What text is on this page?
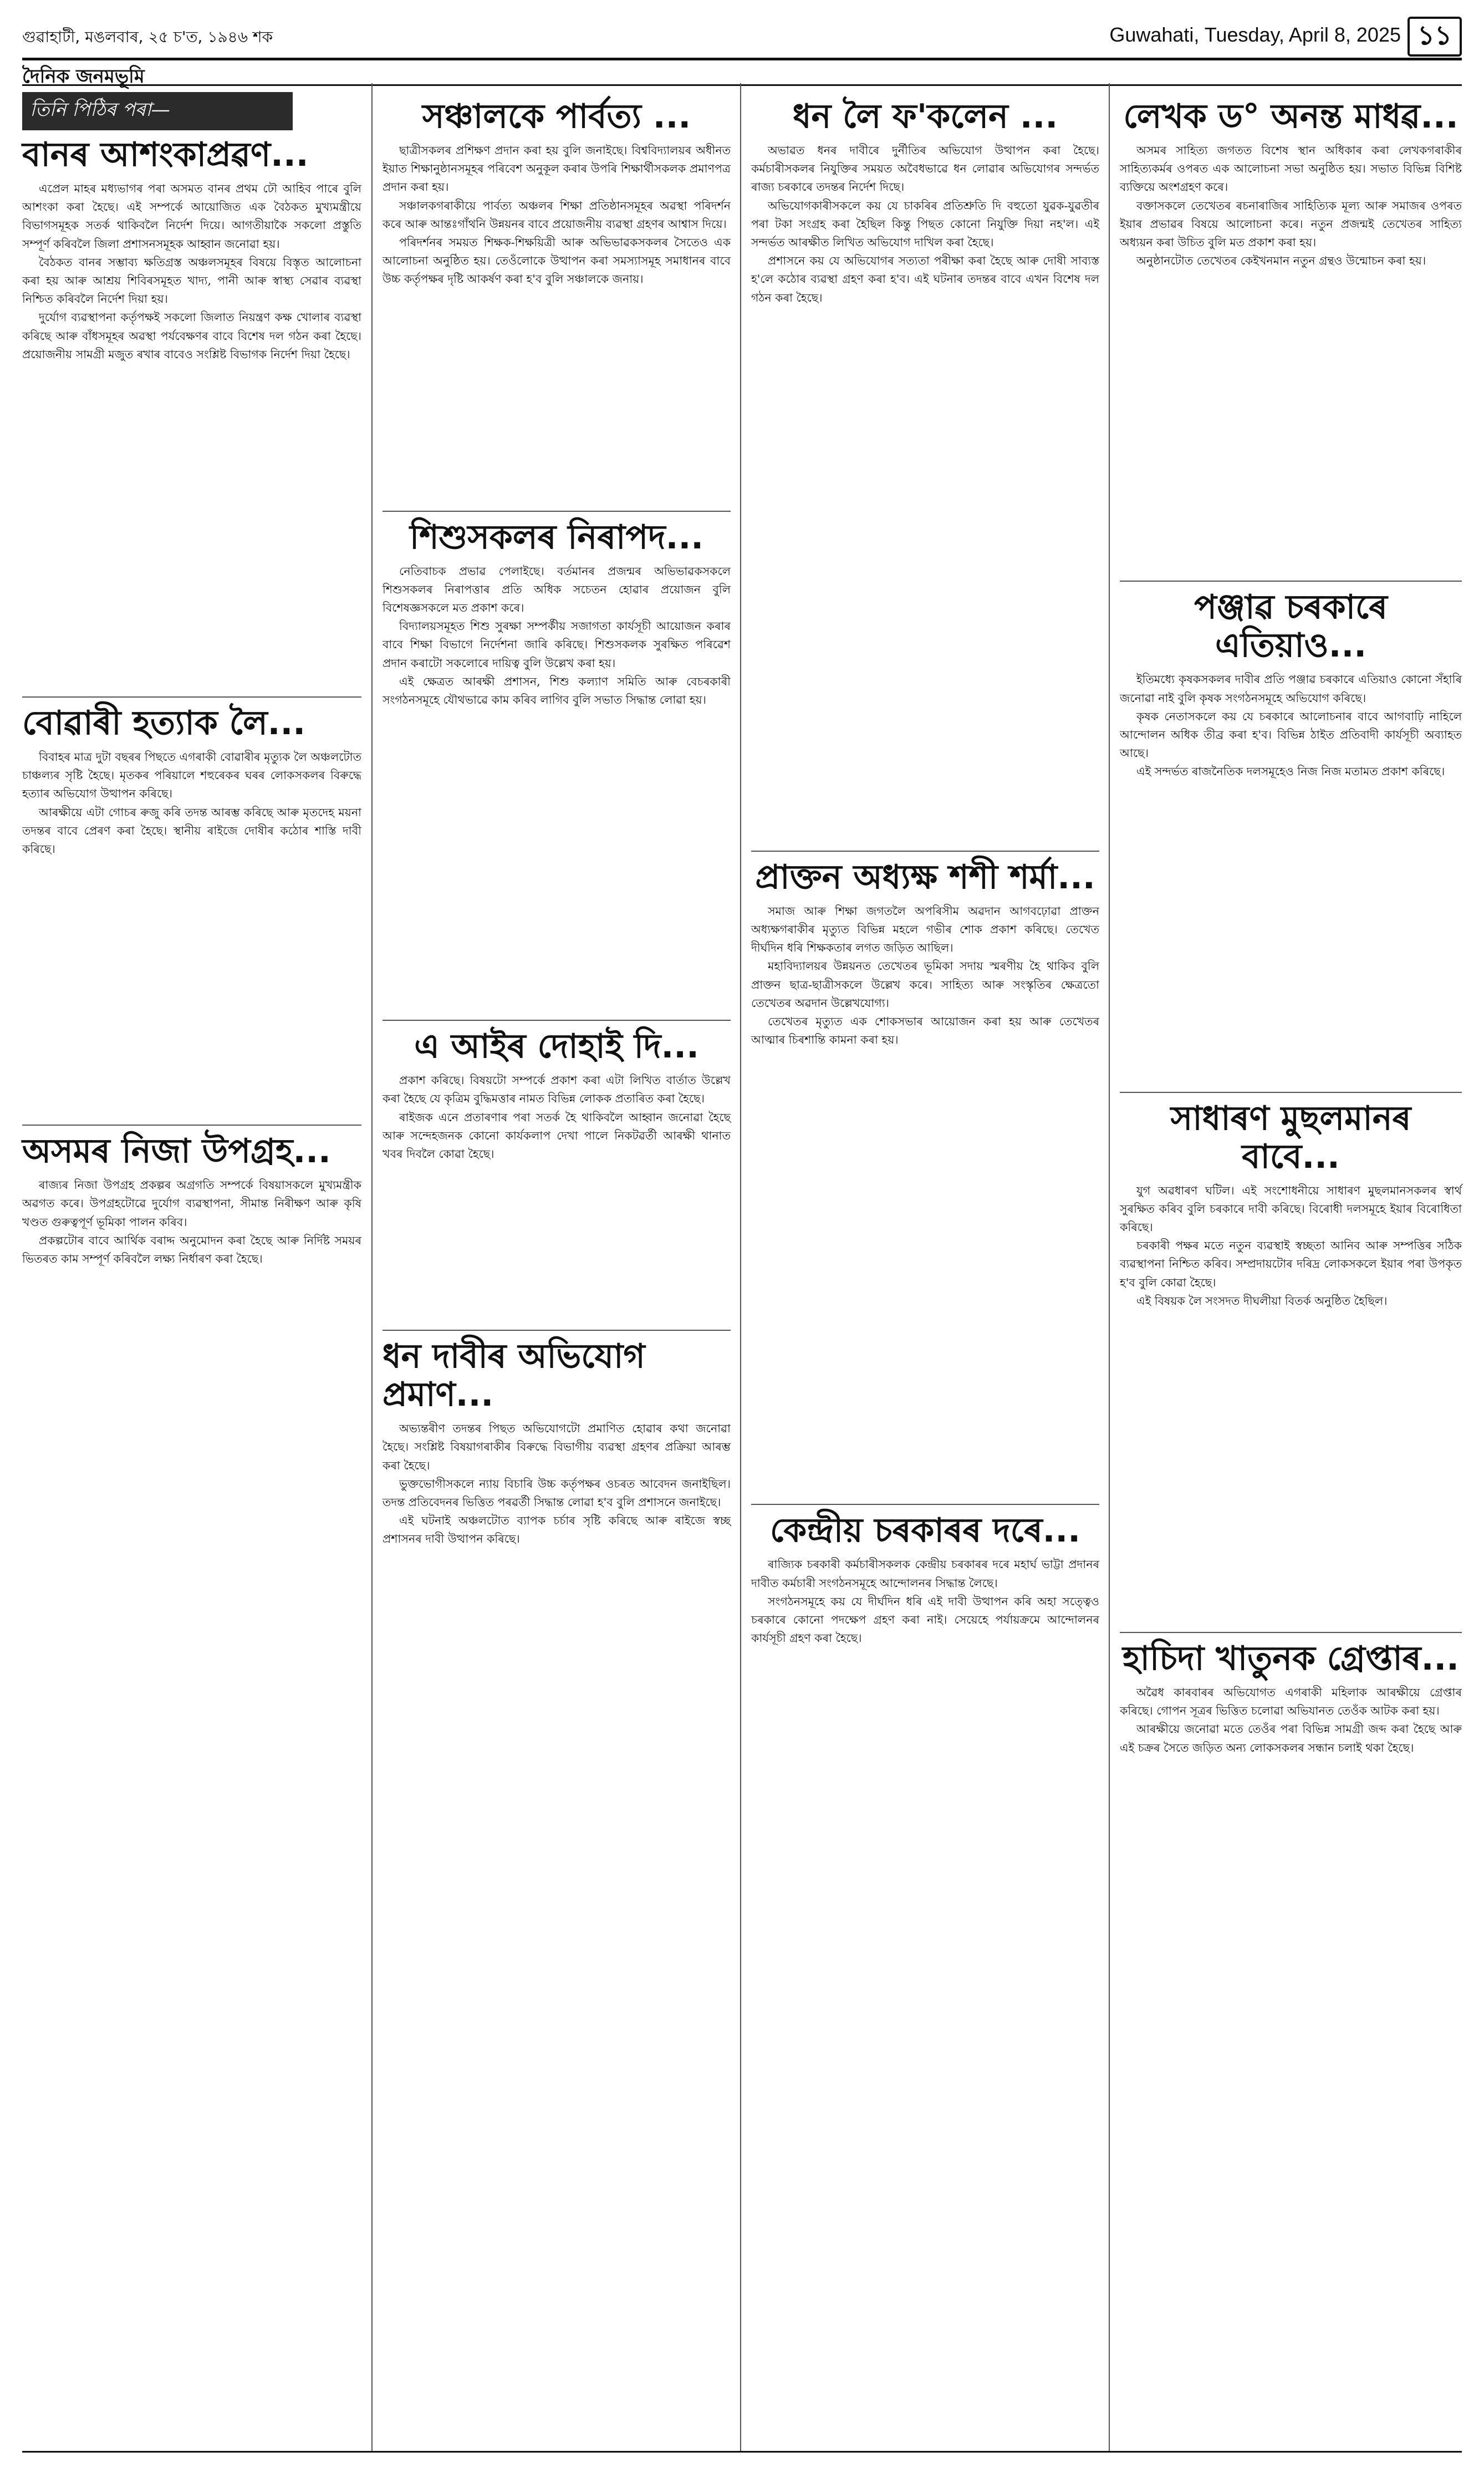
গুৱাহাটী, মঙলবাৰ, ২৫ চ'ত, ১৯৪৬ শক	Guwahati, Tuesday, April 8, 2025 ১১
দৈনিক জনমভূমি
তিনি পিঠিৰ পৰা—
বানৰ আশংকাপ্ৰৱণ...

এপ্ৰেল মাহৰ মধ্যভাগৰ পৰা অসমত বানৰ প্ৰথম ঢৌ আহিব পাৰে বুলি আশংকা কৰা হৈছে। এই সম্পৰ্কে আয়োজিত এক বৈঠকত মুখ্যমন্ত্ৰীয়ে বিভাগসমূহক সতৰ্ক থাকিবলৈ নিৰ্দেশ দিয়ে। আগতীয়াকৈ সকলো প্ৰস্তুতি সম্পূৰ্ণ কৰিবলৈ জিলা প্ৰশাসনসমূহক আহ্বান জনোৱা হয়।

বৈঠকত বানৰ সম্ভাব্য ক্ষতিগ্ৰস্ত অঞ্চলসমূহৰ বিষয়ে বিস্তৃত আলোচনা কৰা হয় আৰু আশ্ৰয় শিবিৰসমূহত খাদ্য, পানী আৰু স্বাস্থ্য সেৱাৰ ব্যৱস্থা নিশ্চিত কৰিবলৈ নিৰ্দেশ দিয়া হয়।

দুৰ্যোগ ব্যৱস্থাপনা কৰ্তৃপক্ষই সকলো জিলাত নিয়ন্ত্ৰণ কক্ষ খোলাৰ ব্যৱস্থা কৰিছে আৰু বাঁধসমূহৰ অৱস্থা পৰ্যবেক্ষণৰ বাবে বিশেষ দল গঠন কৰা হৈছে। প্ৰয়োজনীয় সামগ্ৰী মজুত ৰখাৰ বাবেও সংশ্লিষ্ট বিভাগক নিৰ্দেশ দিয়া হৈছে।

বোৱাৰী হত্যাক লৈ...

বিবাহৰ মাত্ৰ দুটা বছৰৰ পিছতে এগৰাকী বোৱাৰীৰ মৃত্যুক লৈ অঞ্চলটোত চাঞ্চল্যৰ সৃষ্টি হৈছে। মৃতকৰ পৰিয়ালে শহুৰেকৰ ঘৰৰ লোকসকলৰ বিৰুদ্ধে হত্যাৰ অভিযোগ উত্থাপন কৰিছে।

আৰক্ষীয়ে এটা গোচৰ ৰুজু কৰি তদন্ত আৰম্ভ কৰিছে আৰু মৃতদেহ ময়না তদন্তৰ বাবে প্ৰেৰণ কৰা হৈছে। স্থানীয় ৰাইজে দোষীৰ কঠোৰ শাস্তি দাবী কৰিছে।

অসমৰ নিজা উপগ্ৰহ...

ৰাজ্যৰ নিজা উপগ্ৰহ প্ৰকল্পৰ অগ্ৰগতি সম্পৰ্কে বিষয়াসকলে মুখ্যমন্ত্ৰীক অৱগত কৰে। উপগ্ৰহটোৱে দুৰ্যোগ ব্যৱস্থাপনা, সীমান্ত নিৰীক্ষণ আৰু কৃষি খণ্ডত গুৰুত্বপূৰ্ণ ভূমিকা পালন কৰিব।

প্ৰকল্পটোৰ বাবে আৰ্থিক বৰাদ্দ অনুমোদন কৰা হৈছে আৰু নিৰ্দিষ্ট সময়ৰ ভিতৰত কাম সম্পূৰ্ণ কৰিবলৈ লক্ষ্য নিৰ্ধাৰণ কৰা হৈছে।

সঞ্চালকে পাৰ্বত্য ...

ছাত্ৰীসকলৰ প্ৰশিক্ষণ প্ৰদান কৰা হয় বুলি জনাইছে। বিশ্ববিদ্যালয়ৰ অধীনত ইয়াত শিক্ষানুষ্ঠানসমূহৰ পৰিবেশ অনুকূল কৰাৰ উপৰি শিক্ষাৰ্থীসকলক প্ৰমাণপত্ৰ প্ৰদান কৰা হয়।

সঞ্চালকগৰাকীয়ে পাৰ্বত্য অঞ্চলৰ শিক্ষা প্ৰতিষ্ঠানসমূহৰ অৱস্থা পৰিদৰ্শন কৰে আৰু আন্তঃগাঁথনি উন্নয়নৰ বাবে প্ৰয়োজনীয় ব্যৱস্থা গ্ৰহণৰ আশ্বাস দিয়ে।

পৰিদৰ্শনৰ সময়ত শিক্ষক-শিক্ষয়িত্ৰী আৰু অভিভাৱকসকলৰ সৈতেও এক আলোচনা অনুষ্ঠিত হয়। তেওঁলোকে উত্থাপন কৰা সমস্যাসমূহ সমাধানৰ বাবে উচ্চ কৰ্তৃপক্ষৰ দৃষ্টি আকৰ্ষণ কৰা হ'ব বুলি সঞ্চালকে জনায়।

শিশুসকলৰ নিৰাপদ...

নেতিবাচক প্ৰভাৱ পেলাইছে। বৰ্তমানৰ প্ৰজন্মৰ অভিভাৱকসকলে শিশুসকলৰ নিৰাপত্তাৰ প্ৰতি অধিক সচেতন হোৱাৰ প্ৰয়োজন বুলি বিশেষজ্ঞসকলে মত প্ৰকাশ কৰে।

বিদ্যালয়সমূহত শিশু সুৰক্ষা সম্পৰ্কীয় সজাগতা কাৰ্যসূচী আয়োজন কৰাৰ বাবে শিক্ষা বিভাগে নিৰ্দেশনা জাৰি কৰিছে। শিশুসকলক সুৰক্ষিত পৰিৱেশ প্ৰদান কৰাটো সকলোৰে দায়িত্ব বুলি উল্লেখ কৰা হয়।

এই ক্ষেত্ৰত আৰক্ষী প্ৰশাসন, শিশু কল্যাণ সমিতি আৰু বেচৰকাৰী সংগঠনসমূহে যৌথভাৱে কাম কৰিব লাগিব বুলি সভাত সিদ্ধান্ত লোৱা হয়।

এ আইৰ দোহাই দি...

প্ৰকাশ কৰিছে। বিষয়টো সম্পৰ্কে প্ৰকাশ কৰা এটা লিখিত বাৰ্তাত উল্লেখ কৰা হৈছে যে কৃত্ৰিম বুদ্ধিমত্তাৰ নামত বিভিন্ন লোকক প্ৰতাৰিত কৰা হৈছে।

ৰাইজক এনে প্ৰতাৰণাৰ পৰা সতৰ্ক হৈ থাকিবলৈ আহ্বান জনোৱা হৈছে আৰু সন্দেহজনক কোনো কাৰ্যকলাপ দেখা পালে নিকটৱৰ্তী আৰক্ষী থানাত খবৰ দিবলৈ কোৱা হৈছে।

ধন দাবীৰ অভিযোগ প্ৰমাণ...

অভ্যন্তৰীণ তদন্তৰ পিছত অভিযোগটো প্ৰমাণিত হোৱাৰ কথা জনোৱা হৈছে। সংশ্লিষ্ট বিষয়াগৰাকীৰ বিৰুদ্ধে বিভাগীয় ব্যৱস্থা গ্ৰহণৰ প্ৰক্ৰিয়া আৰম্ভ কৰা হৈছে।

ভুক্তভোগীসকলে ন্যায় বিচাৰি উচ্চ কৰ্তৃপক্ষৰ ওচৰত আবেদন জনাইছিল। তদন্ত প্ৰতিবেদনৰ ভিত্তিত পৰৱৰ্তী সিদ্ধান্ত লোৱা হ'ব বুলি প্ৰশাসনে জনাইছে।

এই ঘটনাই অঞ্চলটোত ব্যাপক চৰ্চাৰ সৃষ্টি কৰিছে আৰু ৰাইজে স্বচ্ছ প্ৰশাসনৰ দাবী উত্থাপন কৰিছে।

ধন লৈ ফ'কলেন ...

অভাৱত ধনৰ দাবীৰে দুৰ্নীতিৰ অভিযোগ উত্থাপন কৰা হৈছে। কৰ্মচাৰীসকলৰ নিযুক্তিৰ সময়ত অবৈধভাৱে ধন লোৱাৰ অভিযোগৰ সন্দৰ্ভত ৰাজ্য চৰকাৰে তদন্তৰ নিৰ্দেশ দিছে।

অভিযোগকাৰীসকলে কয় যে চাকৰিৰ প্ৰতিশ্ৰুতি দি বহুতো যুৱক-যুৱতীৰ পৰা টকা সংগ্ৰহ কৰা হৈছিল কিন্তু পিছত কোনো নিযুক্তি দিয়া নহ'ল। এই সন্দৰ্ভত আৰক্ষীত লিখিত অভিযোগ দাখিল কৰা হৈছে।

প্ৰশাসনে কয় যে অভিযোগৰ সত্যতা পৰীক্ষা কৰা হৈছে আৰু দোষী সাব্যস্ত হ'লে কঠোৰ ব্যৱস্থা গ্ৰহণ কৰা হ'ব। এই ঘটনাৰ তদন্তৰ বাবে এখন বিশেষ দল গঠন কৰা হৈছে।

প্ৰাক্তন অধ্যক্ষ শশী শৰ্মা...

সমাজ আৰু শিক্ষা জগতলৈ অপৰিসীম অৱদান আগবঢ়োৱা প্ৰাক্তন অধ্যক্ষগৰাকীৰ মৃত্যুত বিভিন্ন মহলে গভীৰ শোক প্ৰকাশ কৰিছে। তেখেত দীৰ্ঘদিন ধৰি শিক্ষকতাৰ লগত জড়িত আছিল।

মহাবিদ্যালয়ৰ উন্নয়নত তেখেতৰ ভূমিকা সদায় স্মৰণীয় হৈ থাকিব বুলি প্ৰাক্তন ছাত্ৰ-ছাত্ৰীসকলে উল্লেখ কৰে। সাহিত্য আৰু সংস্কৃতিৰ ক্ষেত্ৰতো তেখেতৰ অৱদান উল্লেখযোগ্য।

তেখেতৰ মৃত্যুত এক শোকসভাৰ আয়োজন কৰা হয় আৰু তেখেতৰ আত্মাৰ চিৰশান্তি কামনা কৰা হয়।

কেন্দ্ৰীয় চৰকাৰৰ দৰে...

ৰাজ্যিক চৰকাৰী কৰ্মচাৰীসকলক কেন্দ্ৰীয় চৰকাৰৰ দৰে মহাৰ্ঘ ভাট্টা প্ৰদানৰ দাবীত কৰ্মচাৰী সংগঠনসমূহে আন্দোলনৰ সিদ্ধান্ত লৈছে।

সংগঠনসমূহে কয় যে দীৰ্ঘদিন ধৰি এই দাবী উত্থাপন কৰি অহা সত্ত্বেও চৰকাৰে কোনো পদক্ষেপ গ্ৰহণ কৰা নাই। সেয়েহে পৰ্যায়ক্ৰমে আন্দোলনৰ কাৰ্যসূচী গ্ৰহণ কৰা হৈছে।

লেখক ড° অনন্ত মাধৱ...

অসমৰ সাহিত্য জগতত বিশেষ স্থান অধিকাৰ কৰা লেখকগৰাকীৰ সাহিত্যকৰ্মৰ ওপৰত এক আলোচনা সভা অনুষ্ঠিত হয়। সভাত বিভিন্ন বিশিষ্ট ব্যক্তিয়ে অংশগ্ৰহণ কৰে।

বক্তাসকলে তেখেতৰ ৰচনাৰাজিৰ সাহিত্যিক মূল্য আৰু সমাজৰ ওপৰত ইয়াৰ প্ৰভাৱৰ বিষয়ে আলোচনা কৰে। নতুন প্ৰজন্মই তেখেতৰ সাহিত্য অধ্যয়ন কৰা উচিত বুলি মত প্ৰকাশ কৰা হয়।

অনুষ্ঠানটোত তেখেতৰ কেইখনমান নতুন গ্ৰন্থও উন্মোচন কৰা হয়।

পঞ্জাৱ চৰকাৰে এতিয়াও...

ইতিমধ্যে কৃষকসকলৰ দাবীৰ প্ৰতি পঞ্জাৱ চৰকাৰে এতিয়াও কোনো সঁহাৰি জনোৱা নাই বুলি কৃষক সংগঠনসমূহে অভিযোগ কৰিছে।

কৃষক নেতাসকলে কয় যে চৰকাৰে আলোচনাৰ বাবে আগবাঢ়ি নাহিলে আন্দোলন অধিক তীব্ৰ কৰা হ'ব। বিভিন্ন ঠাইত প্ৰতিবাদী কাৰ্যসূচী অব্যাহত আছে।

এই সন্দৰ্ভত ৰাজনৈতিক দলসমূহেও নিজ নিজ মতামত প্ৰকাশ কৰিছে।

সাধাৰণ মুছলমানৰ বাবে...

যুগ অৱধাৰণ ঘটিল। এই সংশোধনীয়ে সাধাৰণ মুছলমানসকলৰ স্বাৰ্থ সুৰক্ষিত কৰিব বুলি চৰকাৰে দাবী কৰিছে। বিৰোধী দলসমূহে ইয়াৰ বিৰোধিতা কৰিছে।

চৰকাৰী পক্ষৰ মতে নতুন ব্যৱস্থাই স্বচ্ছতা আনিব আৰু সম্পত্তিৰ সঠিক ব্যৱস্থাপনা নিশ্চিত কৰিব। সম্প্ৰদায়টোৰ দৰিদ্ৰ লোকসকলে ইয়াৰ পৰা উপকৃত হ'ব বুলি কোৱা হৈছে।

এই বিষয়ক লৈ সংসদত দীঘলীয়া বিতৰ্ক অনুষ্ঠিত হৈছিল।

হাচিদা খাতুনক গ্ৰেপ্তাৰ...

অৱৈধ কাৰবাৰৰ অভিযোগত এগৰাকী মহিলাক আৰক্ষীয়ে গ্ৰেপ্তাৰ কৰিছে। গোপন সূত্ৰৰ ভিত্তিত চলোৱা অভিযানত তেওঁক আটক কৰা হয়।

আৰক্ষীয়ে জনোৱা মতে তেওঁৰ পৰা বিভিন্ন সামগ্ৰী জব্দ কৰা হৈছে আৰু এই চক্ৰৰ সৈতে জড়িত অন্য লোকসকলৰ সন্ধান চলাই থকা হৈছে।
